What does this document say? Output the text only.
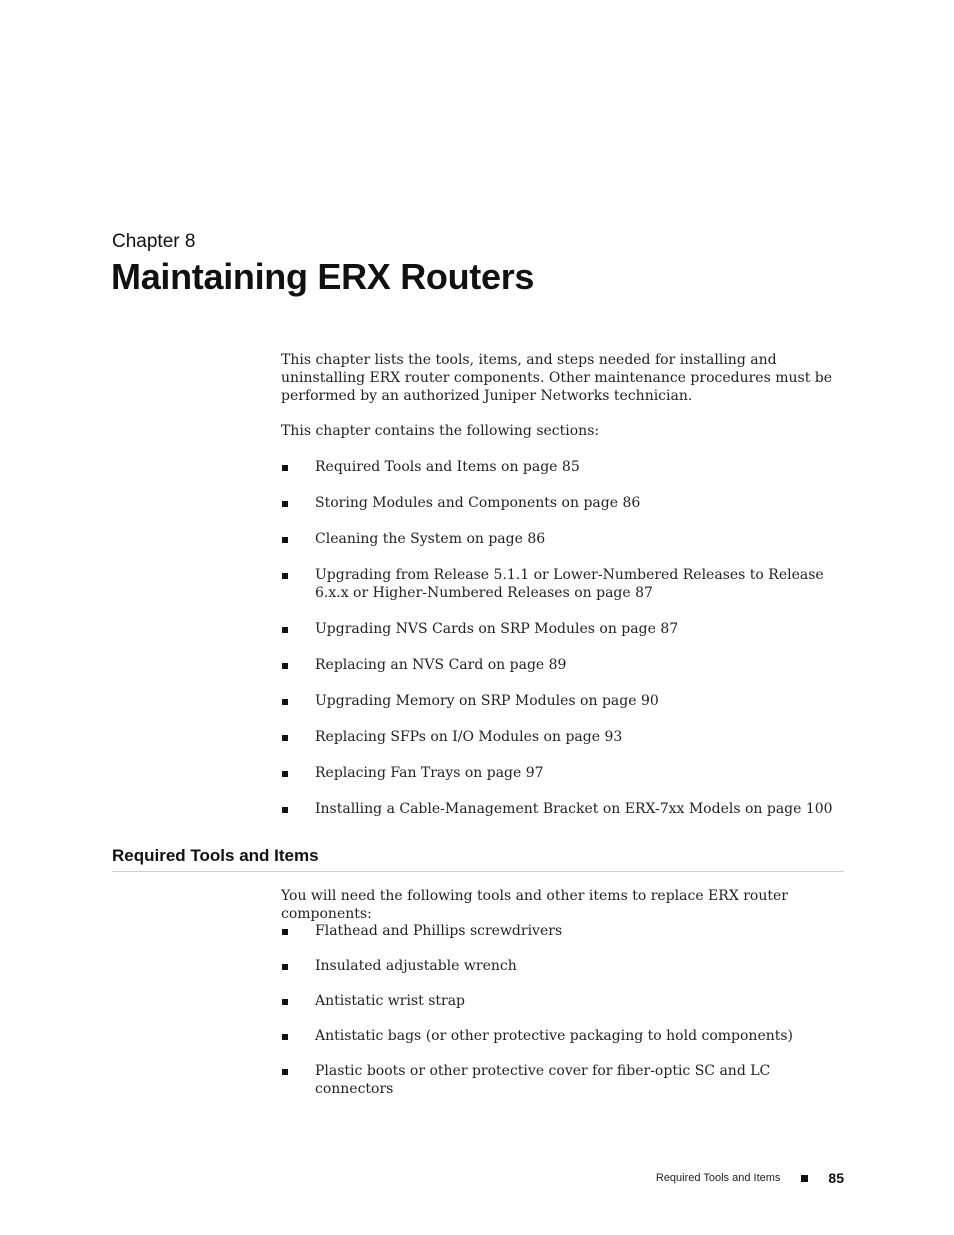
Chapter 8
Maintaining ERX Routers

This chapter lists the tools, items, and steps needed for installing and uninstalling ERX router components. Other maintenance procedures must be performed by an authorized Juniper Networks technician.

This chapter contains the following sections:

Required Tools and Items on page 85
Storing Modules and Components on page 86
Cleaning the System on page 86
Upgrading from Release 5.1.1 or Lower-Numbered Releases to Release 6.x.x or Higher-Numbered Releases on page 87
Upgrading NVS Cards on SRP Modules on page 87
Replacing an NVS Card on page 89
Upgrading Memory on SRP Modules on page 90
Replacing SFPs on I/O Modules on page 93
Replacing Fan Trays on page 97
Installing a Cable-Management Bracket on ERX-7xx Models on page 100
Required Tools and Items

You will need the following tools and other items to replace ERX router components:

Flathead and Phillips screwdrivers
Insulated adjustable wrench
Antistatic wrist strap
Antistatic bags (or other protective packaging to hold components)
Plastic boots or other protective cover for fiber-optic SC and LC connectors
Required Tools and Items	85
